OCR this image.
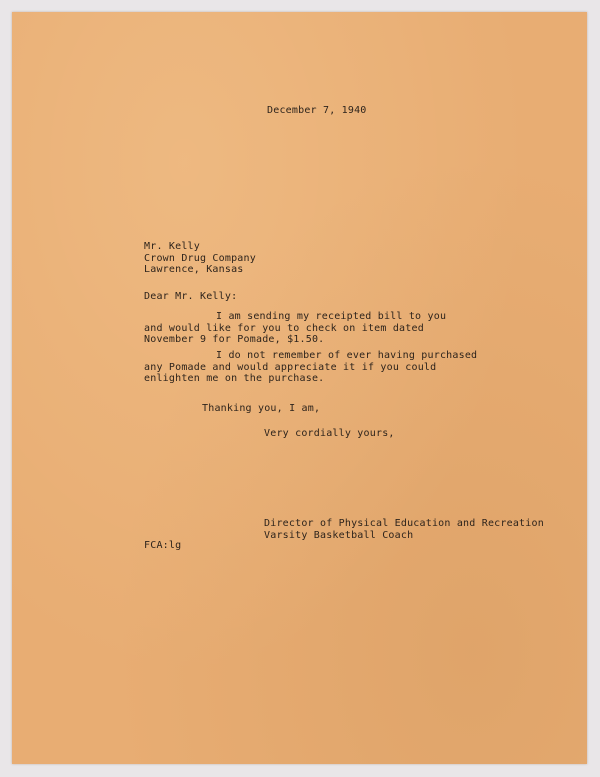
December 7, 1940

Mr. Kelly
Crown Drug Company
Lawrence, Kansas

Dear Mr. Kelly:

I am sending my receipted bill to you
and would like for you to check on item dated
November 9 for Pomade, $1.50.
I do not remember of ever having purchased
any Pomade and would appreciate it if you could
enlighten me on the purchase.

Thanking you, I am,

Very cordially yours,

Director of Physical Education and Recreation
Varsity Basketball Coach

FCA:lg
